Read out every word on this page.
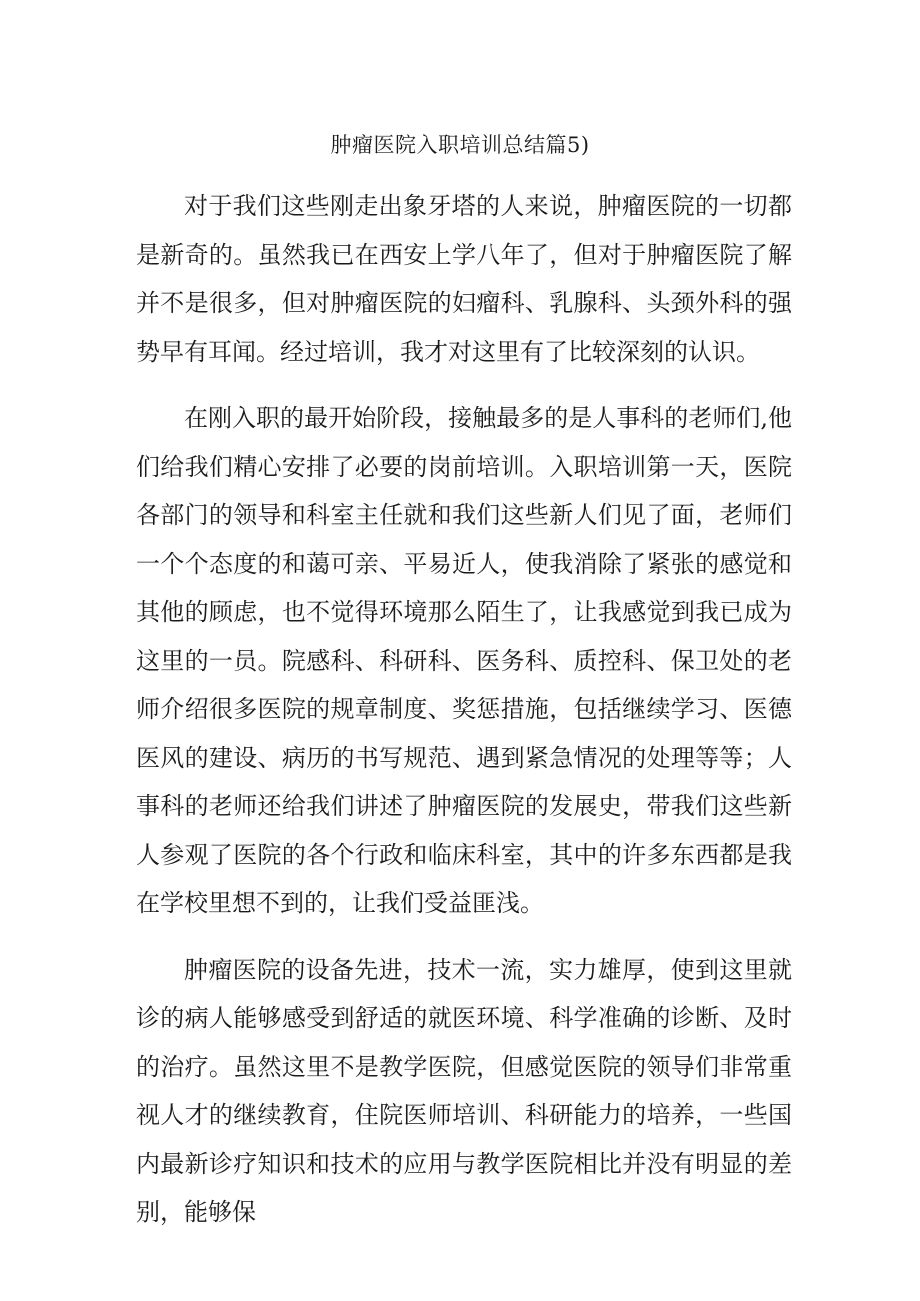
肿瘤医院入职培训总结篇5)

对于我们这些刚走出象牙塔的人来说，肿瘤医院的一切都是新奇的。虽然我已在西安上学八年了，但对于肿瘤医院了解并不是很多，但对肿瘤医院的妇瘤科、乳腺科、头颈外科的强势早有耳闻。经过培训，我才对这里有了比较深刻的认识。

在刚入职的最开始阶段，接触最多的是人事科的老师们,他们给我们精心安排了必要的岗前培训。入职培训第一天，医院各部门的领导和科室主任就和我们这些新人们见了面，老师们一个个态度的和蔼可亲、平易近人，使我消除了紧张的感觉和其他的顾虑，也不觉得环境那么陌生了，让我感觉到我已成为这里的一员。院感科、科研科、医务科、质控科、保卫处的老师介绍很多医院的规章制度、奖惩措施，包括继续学习、医德医风的建设、病历的书写规范、遇到紧急情况的处理等等；人事科的老师还给我们讲述了肿瘤医院的发展史，带我们这些新人参观了医院的各个行政和临床科室，其中的许多东西都是我在学校里想不到的，让我们受益匪浅。

肿瘤医院的设备先进，技术一流，实力雄厚，使到这里就诊的病人能够感受到舒适的就医环境、科学准确的诊断、及时的治疗。虽然这里不是教学医院，但感觉医院的领导们非常重视人才的继续教育，住院医师培训、科研能力的培养，一些国内最新诊疗知识和技术的应用与教学医院相比并没有明显的差别，能够保
